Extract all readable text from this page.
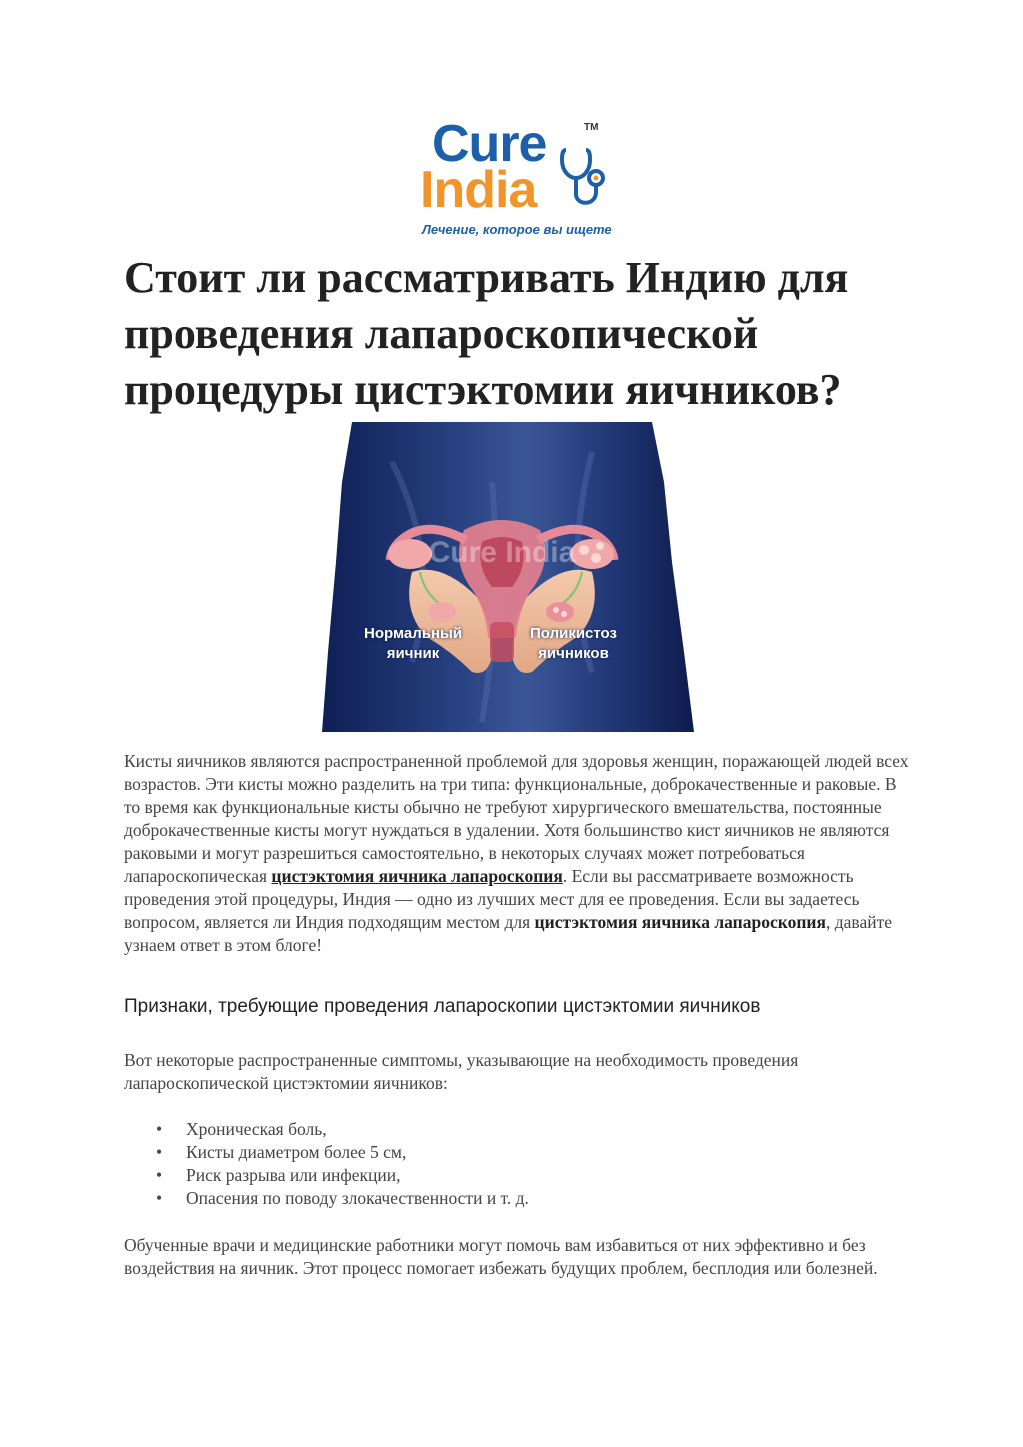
Cure
India
TM
Лечение, которое вы ищете
Стоит ли рассматривать Индию для проведения лапароскопической процедуры цистэктомии яичников?
Cure India
Нормальный
яичник
Поликистоз
яичников

Кисты яичников являются распространенной проблемой для здоровья женщин, поражающей людей всех возрастов. Эти кисты можно разделить на три типа: функциональные, доброкачественные и раковые. В то время как функциональные кисты обычно не требуют хирургического вмешательства, постоянные доброкачественные кисты могут нуждаться в удалении. Хотя большинство кист яичников не являются раковыми и могут разрешиться самостоятельно, в некоторых случаях может потребоваться лапароскопическая цистэктомия яичника лапароскопия. Если вы рассматриваете возможность проведения этой процедуры, Индия — одно из лучших мест для ее проведения. Если вы задаетесь вопросом, является ли Индия подходящим местом для цистэктомия яичника лапароскопия, давайте узнаем ответ в этом блоге!

Признаки, требующие проведения лапароскопии цистэктомии яичников

Вот некоторые распространенные симптомы, указывающие на необходимость проведения лапароскопической цистэктомии яичников:

• Хроническая боль,
• Кисты диаметром более 5 см,
• Риск разрыва или инфекции,
• Опасения по поводу злокачественности и т. д.

Обученные врачи и медицинские работники могут помочь вам избавиться от них эффективно и без воздействия на яичник. Этот процесс помогает избежать будущих проблем, бесплодия или болезней.
